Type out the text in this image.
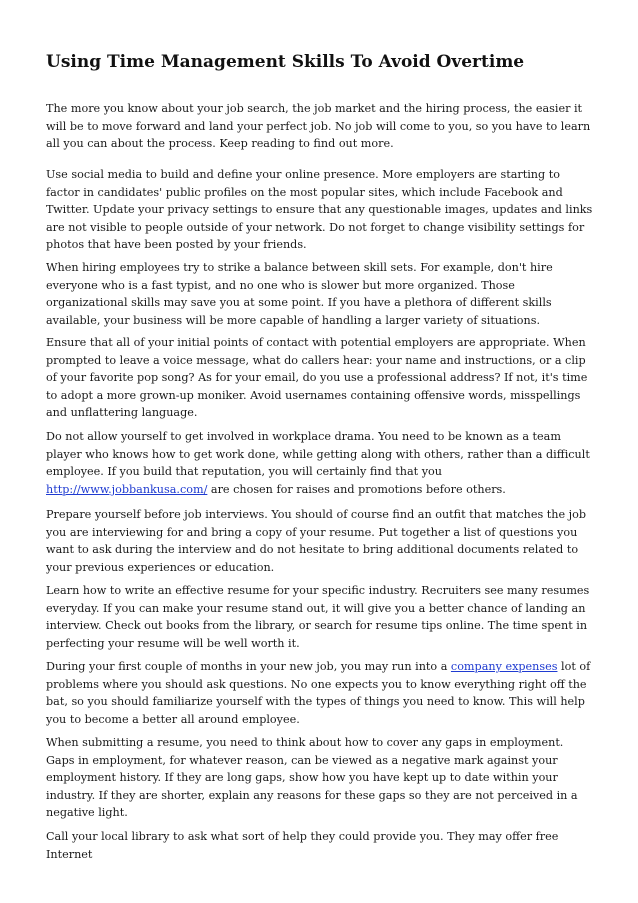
Using Time Management Skills To Avoid Overtime

The more you know about your job search, the job market and the hiring process, the easier it will be to move forward and land your perfect job. No job will come to you, so you have to learn all you can about the process. Keep reading to find out more.

Use social media to build and define your online presence. More employers are starting to factor in candidates' public profiles on the most popular sites, which include Facebook and Twitter. Update your privacy settings to ensure that any questionable images, updates and links are not visible to people outside of your network. Do not forget to change visibility settings for photos that have been posted by your friends.

When hiring employees try to strike a balance between skill sets. For example, don't hire everyone who is a fast typist, and no one who is slower but more organized. Those organizational skills may save you at some point. If you have a plethora of different skills available, your business will be more capable of handling a larger variety of situations.

Ensure that all of your initial points of contact with potential employers are appropriate. When prompted to leave a voice message, what do callers hear: your name and instructions, or a clip of your favorite pop song? As for your email, do you use a professional address? If not, it's time to adopt a more grown-up moniker. Avoid usernames containing offensive words, misspellings and unflattering language.

Do not allow yourself to get involved in workplace drama. You need to be known as a team player who knows how to get work done, while getting along with others, rather than a difficult employee. If you build that reputation, you will certainly find that you http://www.jobbankusa.com/ are chosen for raises and promotions before others.

Prepare yourself before job interviews. You should of course find an outfit that matches the job you are interviewing for and bring a copy of your resume. Put together a list of questions you want to ask during the interview and do not hesitate to bring additional documents related to your previous experiences or education.

Learn how to write an effective resume for your specific industry. Recruiters see many resumes everyday. If you can make your resume stand out, it will give you a better chance of landing an interview. Check out books from the library, or search for resume tips online. The time spent in perfecting your resume will be well worth it.

During your first couple of months in your new job, you may run into a company expenses lot of problems where you should ask questions. No one expects you to know everything right off the bat, so you should familiarize yourself with the types of things you need to know. This will help you to become a better all around employee.

When submitting a resume, you need to think about how to cover any gaps in employment. Gaps in employment, for whatever reason, can be viewed as a negative mark against your employment history. If they are long gaps, show how you have kept up to date within your industry. If they are shorter, explain any reasons for these gaps so they are not perceived in a negative light.

Call your local library to ask what sort of help they could provide you. They may offer free Internet
